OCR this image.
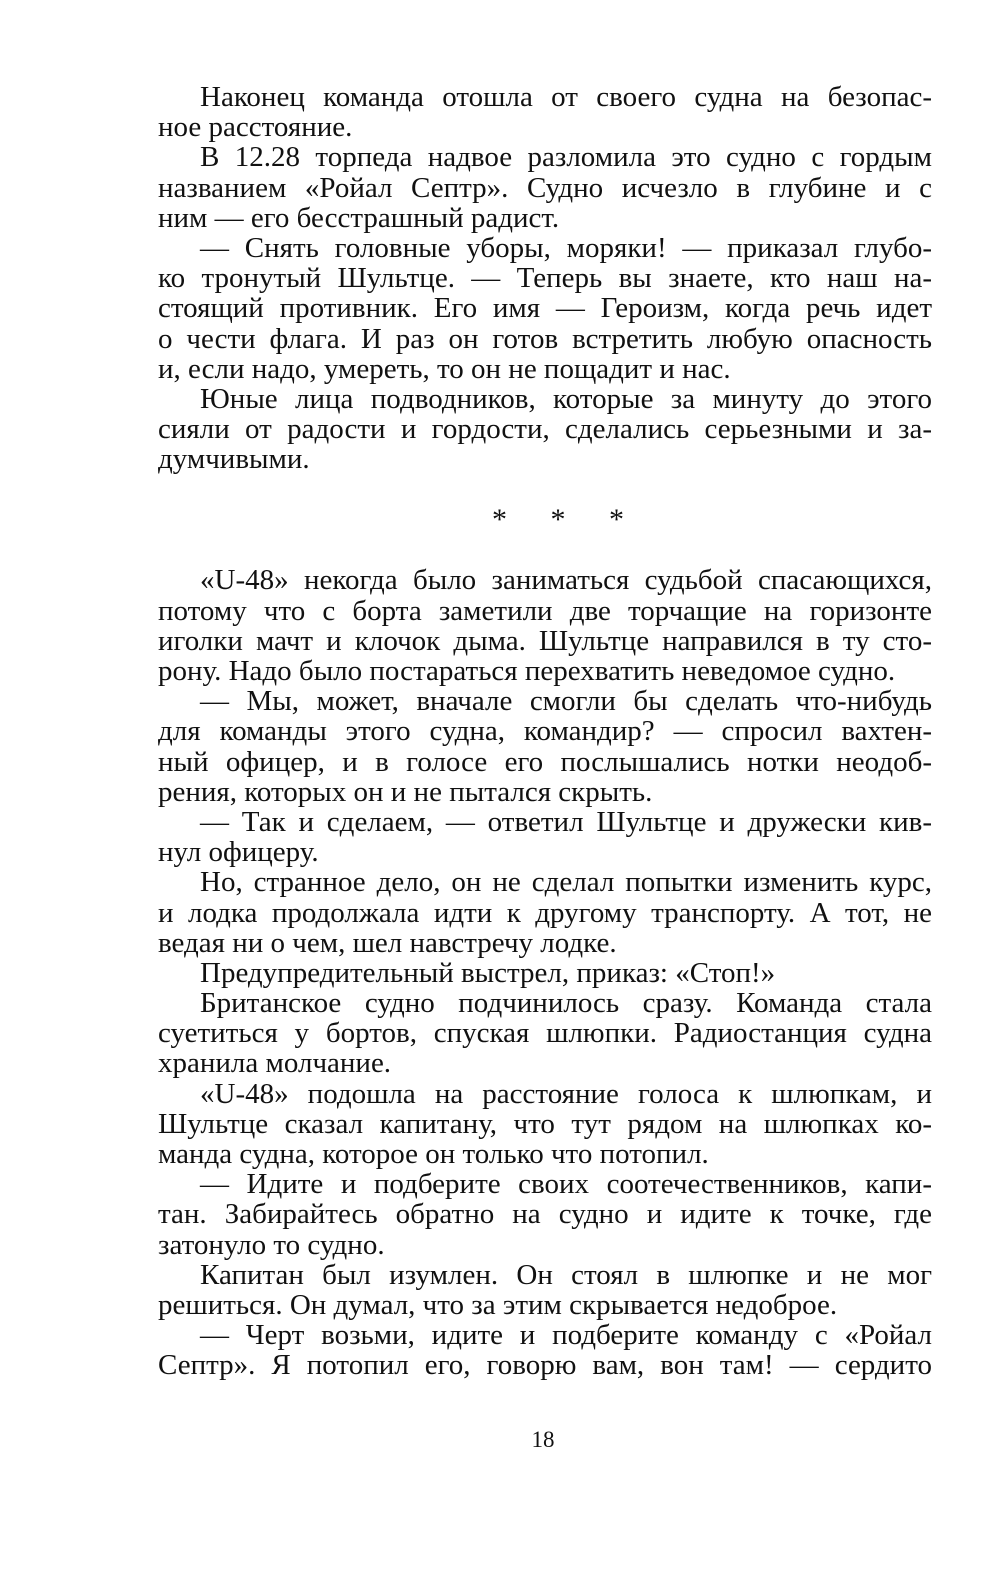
Наконец команда отошла от своего судна на безопас-
ное расстояние.
В 12.28 торпеда надвое разломила это судно с гордым
названием «Ройал Септр». Судно исчезло в глубине и с
ним — его бесстрашный радист.
— Снять головные уборы, моряки! — приказал глубо-
ко тронутый Шультце. — Теперь вы знаете, кто наш на-
стоящий противник. Его имя — Героизм, когда речь идет
о чести флага. И раз он готов встретить любую опасность
и, если надо, умереть, то он не пощадит и нас.
Юные лица подводников, которые за минуту до этого
сияли от радости и гордости, сделались серьезными и за-
думчивыми.
* * *
«U-48» некогда было заниматься судьбой спасающихся,
потому что с борта заметили две торчащие на горизонте
иголки мачт и клочок дыма. Шультце направился в ту сто-
рону. Надо было постараться перехватить неведомое судно.
— Мы, может, вначале смогли бы сделать что-нибудь
для команды этого судна, командир? — спросил вахтен-
ный офицер, и в голосе его послышались нотки неодоб-
рения, которых он и не пытался скрыть.
— Так и сделаем, — ответил Шультце и дружески кив-
нул офицеру.
Но, странное дело, он не сделал попытки изменить курс,
и лодка продолжала идти к другому транспорту. А тот, не
ведая ни о чем, шел навстречу лодке.
Предупредительный выстрел, приказ: «Стоп!»
Британское судно подчинилось сразу. Команда стала
суетиться у бортов, спуская шлюпки. Радиостанция судна
хранила молчание.
«U-48» подошла на расстояние голоса к шлюпкам, и
Шультце сказал капитану, что тут рядом на шлюпках ко-
манда судна, которое он только что потопил.
— Идите и подберите своих соотечественников, капи-
тан. Забирайтесь обратно на судно и идите к точке, где
затонуло то судно.
Капитан был изумлен. Он стоял в шлюпке и не мог
решиться. Он думал, что за этим скрывается недоброе.
— Черт возьми, идите и подберите команду с «Ройал
Септр». Я потопил его, говорю вам, вон там! — сердито
18
